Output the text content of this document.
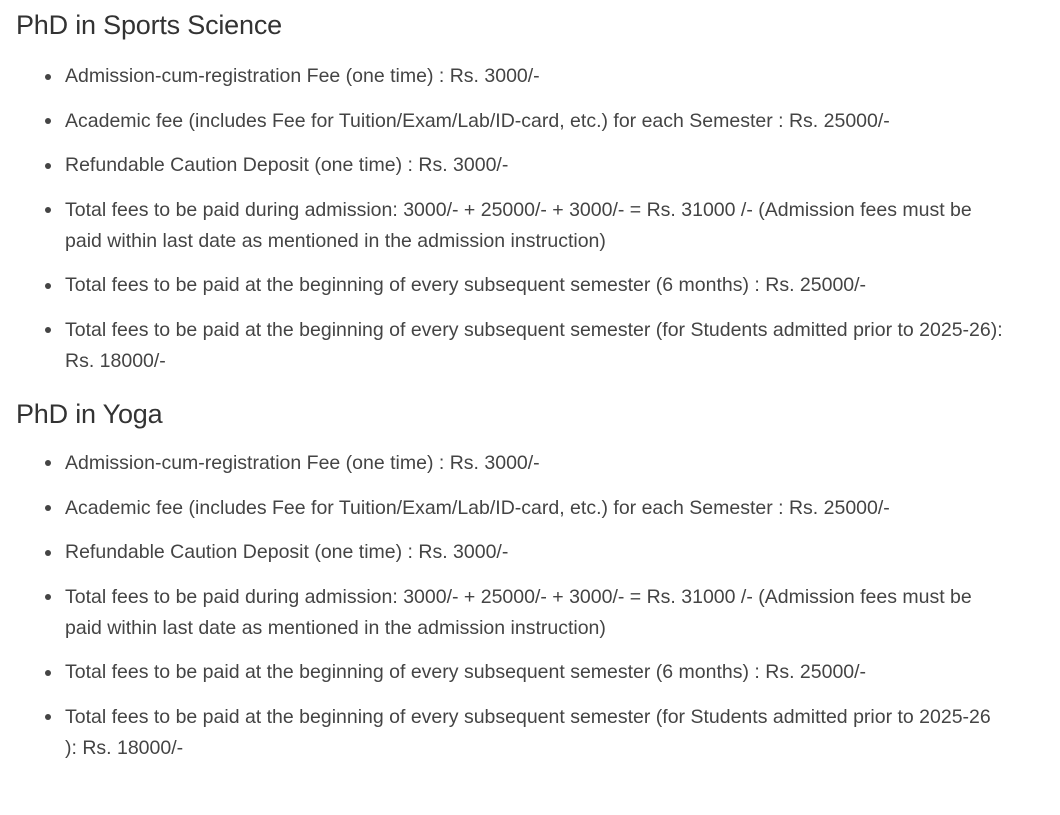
PhD in Sports Science
Admission-cum-registration Fee (one time) : Rs. 3000/-
Academic fee (includes Fee for Tuition/Exam/Lab/ID-card, etc.) for each Semester : Rs. 25000/-
Refundable Caution Deposit (one time) : Rs. 3000/-
Total fees to be paid during admission: 3000/- + 25000/- + 3000/- = Rs. 31000 /- (Admission fees must be paid within last date as mentioned in the admission instruction)
Total fees to be paid at the beginning of every subsequent semester (6 months) : Rs. 25000/-
Total fees to be paid at the beginning of every subsequent semester (for Students admitted prior to 2025-26): Rs. 18000/-
PhD in Yoga
Admission-cum-registration Fee (one time) : Rs. 3000/-
Academic fee (includes Fee for Tuition/Exam/Lab/ID-card, etc.) for each Semester : Rs. 25000/-
Refundable Caution Deposit (one time) : Rs. 3000/-
Total fees to be paid during admission: 3000/- + 25000/- + 3000/- = Rs. 31000 /- (Admission fees must be paid within last date as mentioned in the admission instruction)
Total fees to be paid at the beginning of every subsequent semester (6 months) : Rs. 25000/-
Total fees to be paid at the beginning of every subsequent semester (for Students admitted prior to 2025-26 ): Rs. 18000/-
